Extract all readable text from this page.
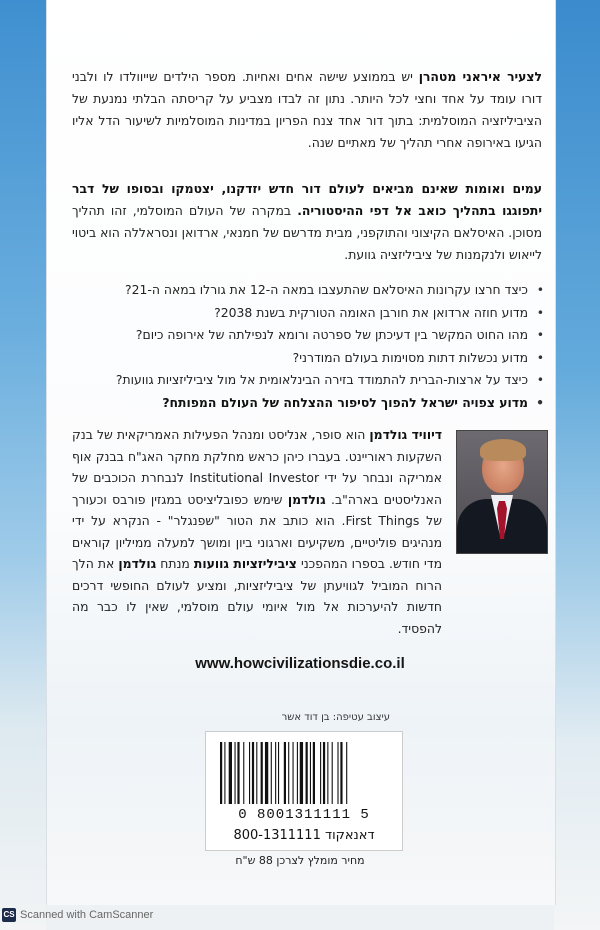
לצעיר איראני מטהרן יש בממוצע שישה אחים ואחיות. מספר הילדים שייוולדו לו ולבני דורו עומד על אחד וחצי לכל היותר. נתון זה לבדו מצביע על קריסתה הבלתי נמנעת של הציביליזציה המוסלמית: בתוך דור אחד צנח הפריון במדינות המוסלמיות לשיעור הדל אליו הגיעו באירופה אחרי תהליך של מאתיים שנה.
עמים ואומות שאינם מביאים לעולם דור חדש יזדקנו, יצטמקו ובסופו של דבר יתפוגגו בתהליך כואב אל דפי ההיסטוריה. במקרה של העולם המוסלמי, זהו תהליך מסוכן. האיסלאם הקיצוני והתוקפני, מבית מדרשם של חמנאי, ארדואן ונסראללה הוא ביטוי לייאוש ולנקמנות של ציביליזציה גוועת.
• כיצד חרצו עקרונות האיסלאם שהתעצבו במאה ה-12 את גורלו במאה ה-21?
• מדוע חוזה ארדואן את חורבן האומה הטורקית בשנת 2038?
• מהו החוט המקשר בין דעיכתן של ספרטה ורומא לנפילתה של אירופה כיום?
• מדוע נכשלות דתות מסוימות בעולם המודרני?
• כיצד על ארצות-הברית להתמודד בזירה הבינלאומית אל מול ציביליזציות גוועות?
• מדוע צפויה ישראל להפוך לסיפור ההצלחה של העולם המפותח?
דיוויד גולדמן הוא סופר, אנליסט ומנהל הפעילות האמריקאית של בנק השקעות ראוריינט. בעברו כיהן כראש מחלקת מחקר האג"ח בבנק אוף אמריקה ונבחר על ידי Institutional Investor לנבחרת הכוכבים של האנליסטים בארה"ב. גולדמן שימש כפובליציסט במגזין פורבס וכעורך של First Things. הוא כותב את הטור "שפנגלר" - הנקרא על ידי מנהיגים פוליטיים, משקיעים וארגוני ביון ומושך למעלה ממיליון קוראים מדי חודש. בספרו המהפכני ציביליזציות גוועות מנתח גולדמן את הלך הרוח המוביל לגוויעתן של ציביליזציות, ומציע לעולם החופשי דרכים חדשות להיערכות אל מול איומי עולם מוסלמי, שאין לו כבר מה להפסיד.
www.howcivilizationsdie.co.il
עיצוב עטיפה: בן דוד אשר
0 8001311111 5
דאנאקוד 800-1311111
מחיר מומלץ לצרכן 88 ש"ח
CS Scanned with CamScanner
